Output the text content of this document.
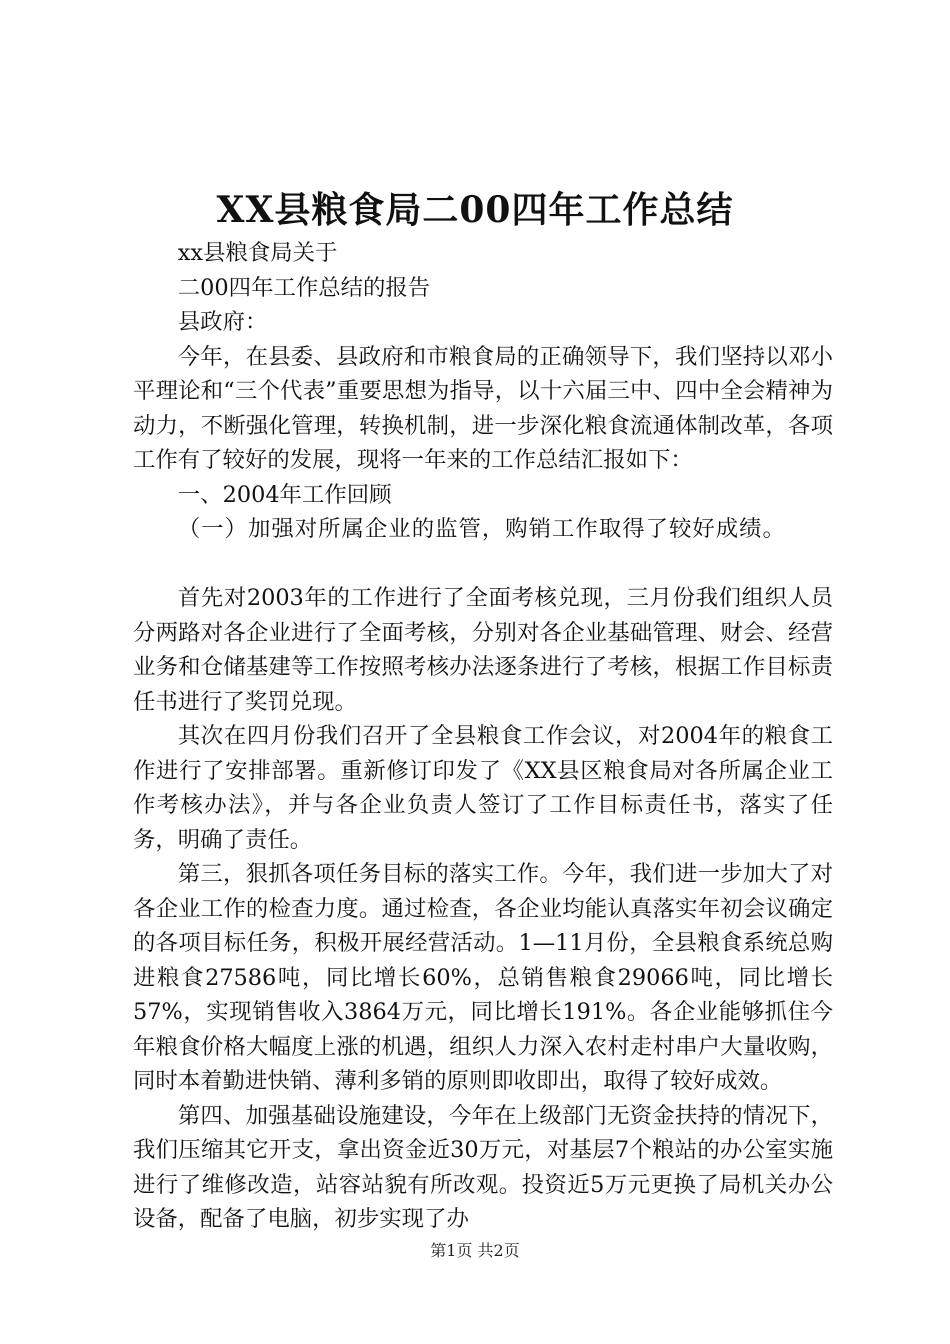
XX县粮食局二00四年工作总结
xx县粮食局关于
二00四年工作总结的报告
县政府：

今年，在县委、县政府和市粮食局的正确领导下，我们坚持以邓小平理论和“三个代表”重要思想为指导，以十六届三中、四中全会精神为动力，不断强化管理，转换机制，进一步深化粮食流通体制改革，各项工作有了较好的发展，现将一年来的工作总结汇报如下：

一、2004年工作回顾
（一）加强对所属企业的监管，购销工作取得了较好成绩。

首先对2003年的工作进行了全面考核兑现，三月份我们组织人员分两路对各企业进行了全面考核，分别对各企业基础管理、财会、经营业务和仓储基建等工作按照考核办法逐条进行了考核，根据工作目标责任书进行了奖罚兑现。

其次在四月份我们召开了全县粮食工作会议，对2004年的粮食工作进行了安排部署。重新修订印发了《XX县区粮食局对各所属企业工作考核办法》，并与各企业负责人签订了工作目标责任书，落实了任务，明确了责任。

第三，狠抓各项任务目标的落实工作。今年，我们进一步加大了对各企业工作的检查力度。通过检查，各企业均能认真落实年初会议确定的各项目标任务，积极开展经营活动。1—11月份，全县粮食系统总购进粮食27586吨，同比增长60%，总销售粮食29066吨，同比增长57%，实现销售收入3864万元，同比增长191%。各企业能够抓住今年粮食价格大幅度上涨的机遇，组织人力深入农村走村串户大量收购，同时本着勤进快销、薄利多销的原则即收即出，取得了较好成效。

第四、加强基础设施建设，今年在上级部门无资金扶持的情况下，我们压缩其它开支，拿出资金近30万元，对基层7个粮站的办公室实施进行了维修改造，站容站貌有所改观。投资近5万元更换了局机关办公设备，配备了电脑，初步实现了办

第1页 共2页
